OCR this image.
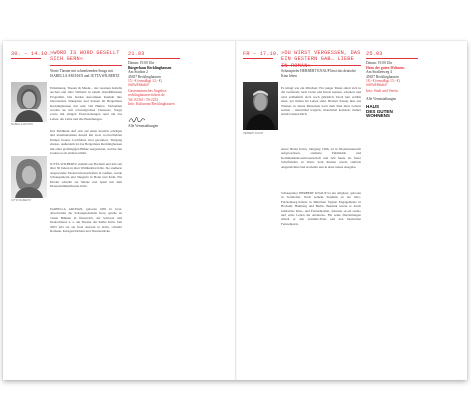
30. – 14.10. »WORD IS WORD GESELLT SICH GERN«
Worte Theater mit schmelzenden Songs mit ISABELLA ARCHAN und JUTTA WILBERTZ
ISABELLA ARCHAN
JUTTA WILBERTZ

Ermahnung, Theater & Musik – das vereinen Isabella Archan und Jutta Wilbertz in einem abendfüllenden Programm. Die beiden Autorinnen handeln ihre literarischen Sinnspiele und Szenen im Bergerhaus Recklinghausen mit sehr viel Humor. Verbunden werden sie mit schwungvollen Chansons, Songs sowie mit einigen Überraschungen rund um das Leben, die Liebe und alle Beziehungen.

Das Publikum darf sich auf einen herrlich schrägen und unterhaltsamen Abend mit zwei wortverliebten Damen freuen: Lachfalten sind garantiert, Tiefgang ebenso. Außerdem ist das Bergerhaus Recklinghausen mit einer großzügigen Bühne ausgestattet, welche den Genuss noch einmal erhöht.

JUTTA WILBERTZ stammt aus Bochum und lebt seit über 30 Jahren in ihrer Wahlheimat Köln. Sie studierte Angewandte Theaterwissenschaften in Gießen, wurde Schauspielerin und Sängerin in Bonn und Köln. Für Kinder schreibt sie Stücke und spielt mit dem Klassenzimmertheater Köln.

ISABELLA ARCHAN, geboren 1965 in Graz, Absolventin der Schauspielschule Graz, spielte an vielen Bühnen in Österreich, der Schweiz und Deutschland, u. a. am Theater der Keller Köln. Seit 2003 lebt sie als freie Autorin in Köln, schreibt Romane, Kurzgeschichten und Theaterstücke.

21.03
Datum: 19.00 Uhr
Bürgerhaus Recklinghausen
Am Stadion 2
45657 Recklinghausen
15,- € (ermäßigt 12,- €)
VORVERKAUF
Gastronomisches Angebot:
recklinghausen-tickets.de
Tel. 02361 / 50-2233
Info: Kulturamt Recklinghausen
Alle Veranstaltungen
FR – 17.10. »DU WIRST VERGESSEN, DAS EIN GESTERN GAB… LIEBE IN ROMAN«
Schauspieler HERBERT KNAUP lässt das deutsche Kino leben
HERBERT KNAUP

Es klingt wie ein Märchen: Ein junger Mann stürzt sich in die Großstadt, lernt Liebe und Kunst kennen, scheitert und wird schließlich doch noch glücklich. Doch hier erzählt einer, der mitten im Leben steht. Herbert Knaup liest aus Werken, in denen Menschen nach dem Sinn ihres Lebens suchen – manchmal tragisch, manchmal komisch, immer zutiefst menschlich.

Autor Heinz Kohn, Jahrgang 1966, ist in Niederösterreich aufgewachsen, studierte Publizistik und Kommunikationswissenschaft und lebt heute als freier Schriftsteller in Wien. Sein Roman wurde vielfach ausgezeichnet und erscheint nun in einer neuen Ausgabe.

Schauspieler HERBERT KNAUP ist ein Allgäuer, geboren in Sonthofen. Nach seinem Studium an der Otto-Falckenberg-Schule in München folgten Engagements in Bochum, Hamburg und Berlin. Bekannt wurde er durch zahlreiche Kino- und Fernsehrollen, darunter »Lola rennt« und »Das Leben der Anderen«. Für seine Darstellungen erhielt er den Grimme-Preis und den Deutschen Fernsehpreis.

25.03
Datum: 19.00 Uhr
Haus der guten Wohnens
Am Straßenweg 4
45657 Recklinghausen
18,- € (ermäßigt 15,- €)
VORVERKAUF
Info: Stadt und Verein
Alle Veranstaltungen
HAUS
DES GUTEN
WOHNENS
